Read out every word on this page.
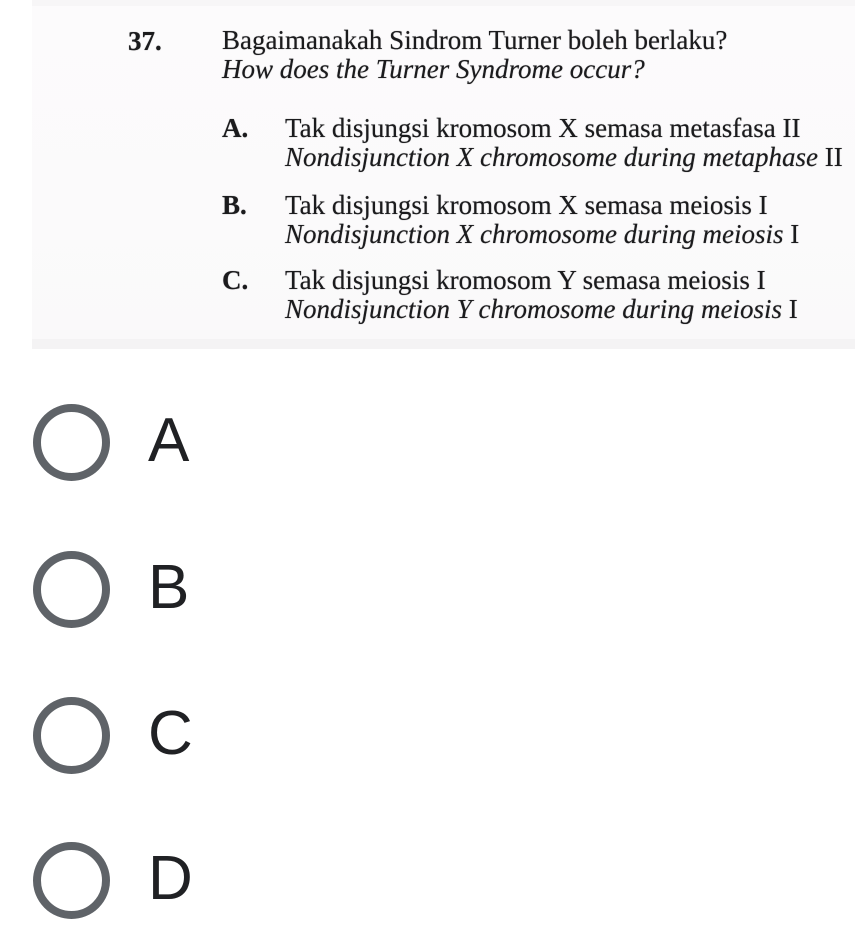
37. Bagaimanakah Sindrom Turner boleh berlaku?
How does the Turner Syndrome occur?
A. Tak disjungsi kromosom X semasa metasfasa II
Nondisjunction X chromosome during metaphase II
B. Tak disjungsi kromosom X semasa meiosis I
Nondisjunction X chromosome during meiosis I
C. Tak disjungsi kromosom Y semasa meiosis I
Nondisjunction Y chromosome during meiosis I
A
B
C
D
